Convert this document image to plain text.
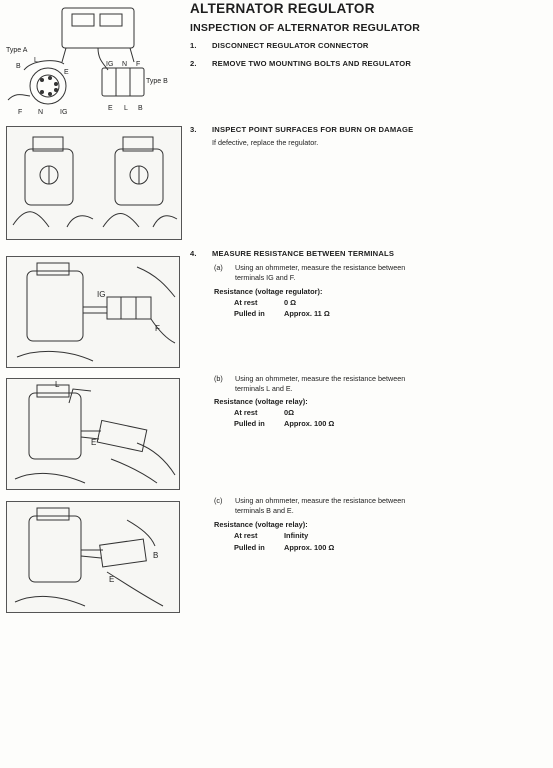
ALTERNATOR REGULATOR
INSPECTION OF ALTERNATOR REGULATOR
1. DISCONNECT REGULATOR CONNECTOR
2. REMOVE TWO MOUNTING BOLTS AND REGULATOR
3. INSPECT POINT SURFACES FOR BURN OR DAMAGE
If defective, replace the regulator.
4. MEASURE RESISTANCE BETWEEN TERMINALS
(a) Using an ohmmeter, measure the resistance between
terminals IG and F.
Resistance (voltage regulator):
At rest	0 Ω
Pulled in	Approx. 11 Ω
(b) Using an ohmmeter, measure the resistance between
terminals L and E.
Resistance (voltage relay):
At rest	0Ω
Pulled in	Approx. 100 Ω
(c) Using an ohmmeter, measure the resistance between
terminals B and E.
Resistance (voltage relay):
At rest	Infinity
Pulled in	Approx. 100 Ω
Type A
Type B
B
L
E
F N IG
IG N F
E L B
IG
F
L
E
B
E
